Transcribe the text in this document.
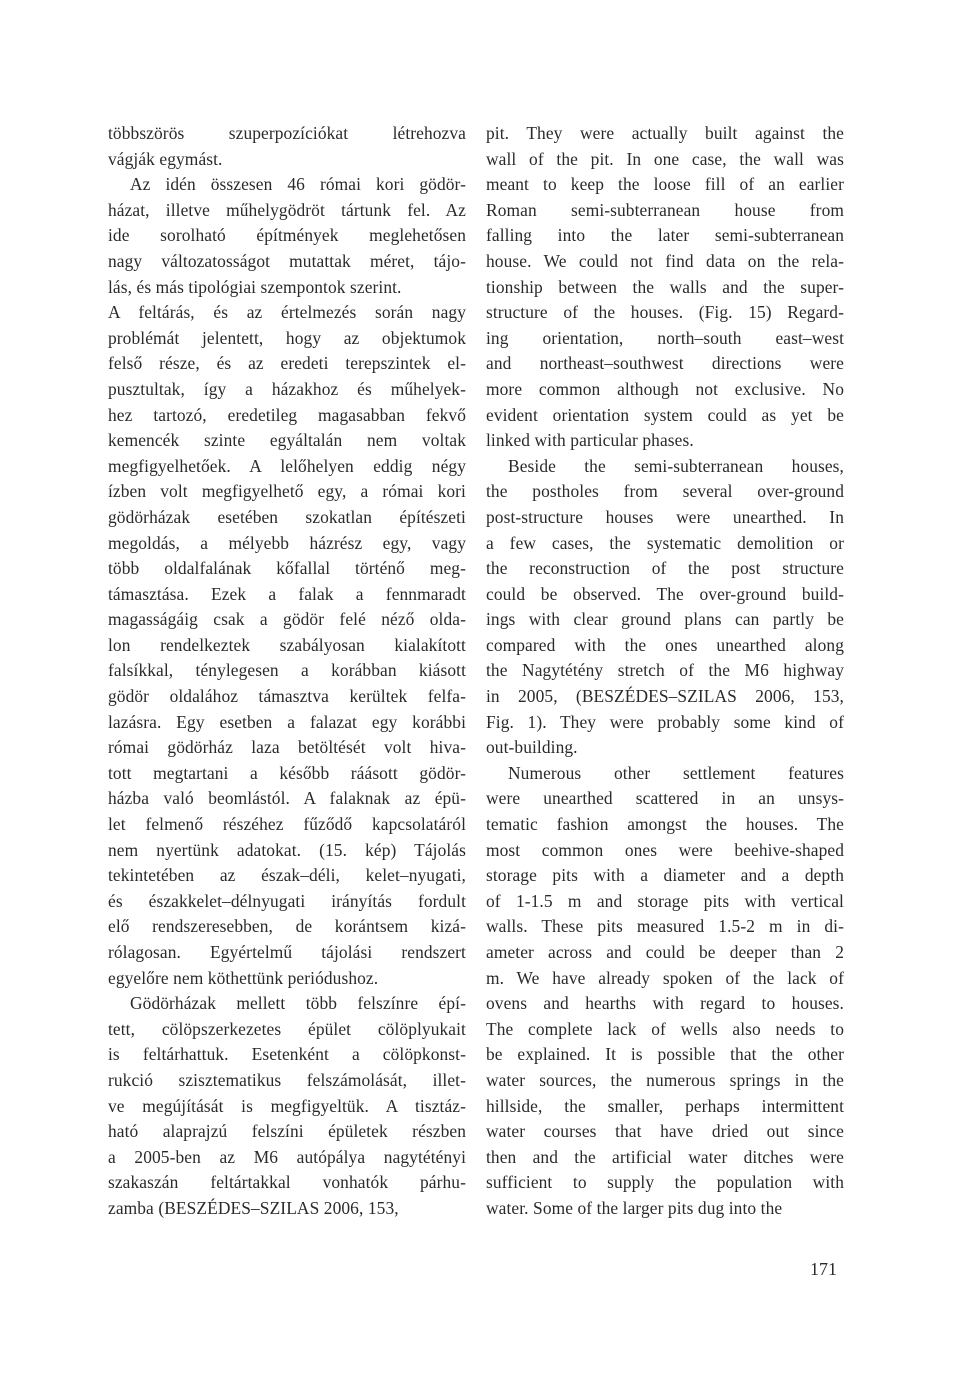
többszörös szuperpozíciókat létrehozva
vágják egymást.
Az idén összesen 46 római kori gödör-
házat, illetve műhelygödröt tártunk fel. Az
ide sorolható építmények meglehetősen
nagy változatosságot mutattak méret, tájo-
lás, és más tipológiai szempontok szerint.
A feltárás, és az értelmezés során nagy
problémát jelentett, hogy az objektumok
felső része, és az eredeti terepszintek el-
pusztultak, így a házakhoz és műhelyek-
hez tartozó, eredetileg magasabban fekvő
kemencék szinte egyáltalán nem voltak
megfigyelhetőek. A lelőhelyen eddig négy
ízben volt megfigyelhető egy, a római kori
gödörházak esetében szokatlan építészeti
megoldás, a mélyebb házrész egy, vagy
több oldalfalának kőfallal történő meg-
támasztása. Ezek a falak a fennmaradt
magasságáig csak a gödör felé néző olda-
lon rendelkeztek szabályosan kialakított
falsíkkal, ténylegesen a korábban kiásott
gödör oldalához támasztva kerültek felfa-
lazásra. Egy esetben a falazat egy korábbi
római gödörház laza betöltését volt hiva-
tott megtartani a később ráásott gödör-
házba való beomlástól. A falaknak az épü-
let felmenő részéhez fűződő kapcsolatáról
nem nyertünk adatokat. (15. kép) Tájolás
tekintetében az észak–déli, kelet–nyugati,
és északkelet–délnyugati irányítás fordult
elő rendszeresebben, de korántsem kizá-
rólagosan. Egyértelmű tájolási rendszert
egyelőre nem köthettünk periódushoz.
Gödörházak mellett több felszínre épí-
tett, cölöpszerkezetes épület cölöplyukait
is feltárhattuk. Esetenként a cölöpkonst-
rukció szisztematikus felszámolását, illet-
ve megújítását is megfigyeltük. A tisztáz-
ható alaprajzú felszíni épületek részben
a 2005-ben az M6 autópálya nagytétényi
szakaszán feltártakkal vonhatók párhu-
zamba (BESZÉDES–SZILAS 2006, 153,
pit. They were actually built against the
wall of the pit. In one case, the wall was
meant to keep the loose fill of an earlier
Roman semi-subterranean house from
falling into the later semi-subterranean
house. We could not find data on the rela-
tionship between the walls and the super-
structure of the houses. (Fig. 15) Regard-
ing orientation, north–south east–west
and northeast–southwest directions were
more common although not exclusive. No
evident orientation system could as yet be
linked with particular phases.
Beside the semi-subterranean houses,
the postholes from several over-ground
post-structure houses were unearthed. In
a few cases, the systematic demolition or
the reconstruction of the post structure
could be observed. The over-ground build-
ings with clear ground plans can partly be
compared with the ones unearthed along
the Nagytétény stretch of the M6 highway
in 2005, (BESZÉDES–SZILAS 2006, 153,
Fig. 1). They were probably some kind of
out-building.
Numerous other settlement features
were unearthed scattered in an unsys-
tematic fashion amongst the houses. The
most common ones were beehive-shaped
storage pits with a diameter and a depth
of 1-1.5 m and storage pits with vertical
walls. These pits measured 1.5-2 m in di-
ameter across and could be deeper than 2
m. We have already spoken of the lack of
ovens and hearths with regard to houses.
The complete lack of wells also needs to
be explained. It is possible that the other
water sources, the numerous springs in the
hillside, the smaller, perhaps intermittent
water courses that have dried out since
then and the artificial water ditches were
sufficient to supply the population with
water. Some of the larger pits dug into the
171
